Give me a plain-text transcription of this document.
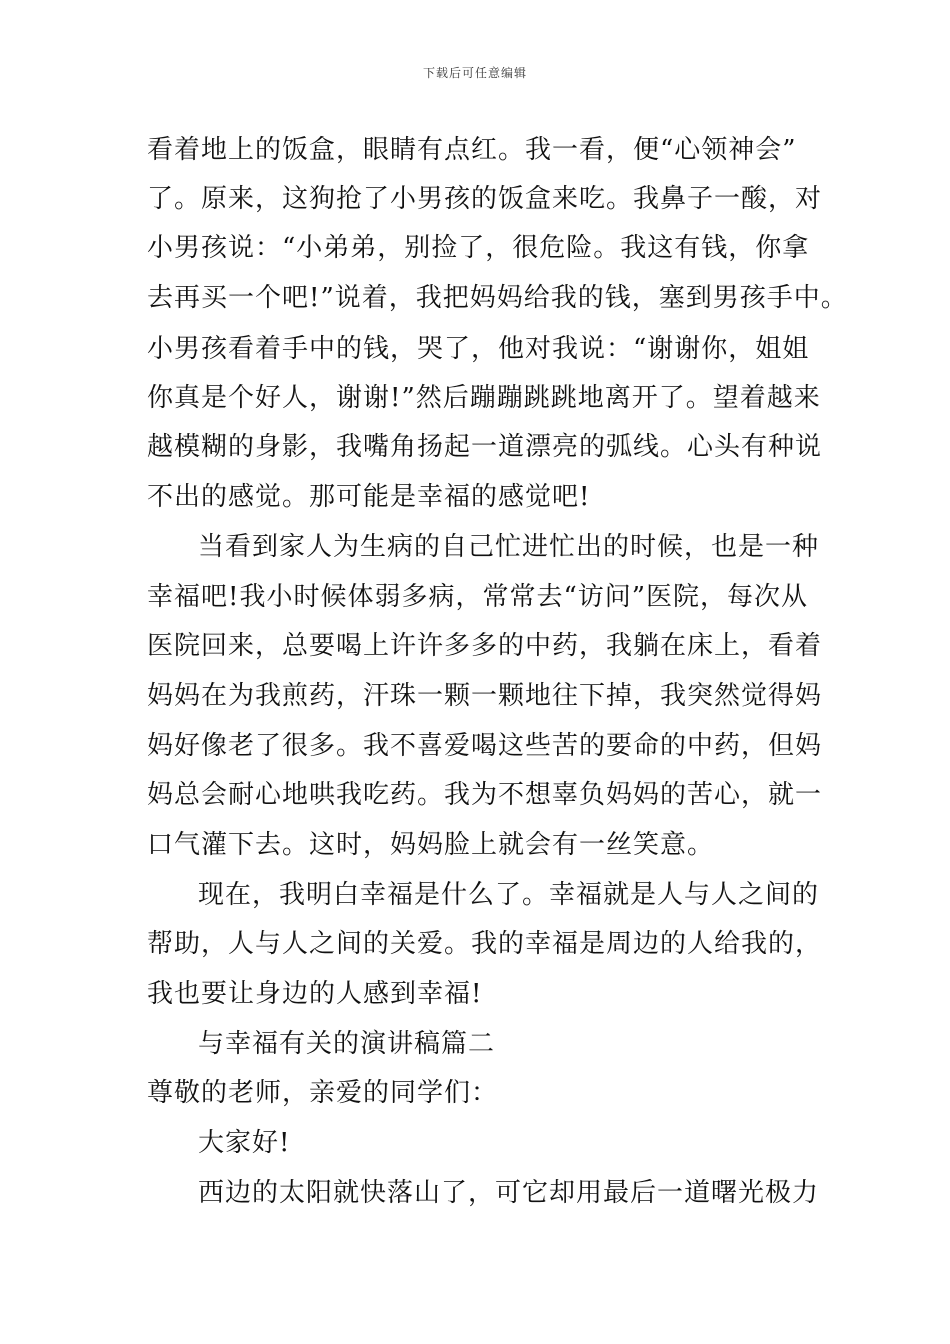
下载后可任意编辑
看着地上的饭盒，眼睛有点红。我一看，便“心领神会”
了。原来，这狗抢了小男孩的饭盒来吃。我鼻子一酸，对
小男孩说：“小弟弟，别捡了，很危险。我这有钱，你拿
去再买一个吧!”说着，我把妈妈给我的钱，塞到男孩手中。
小男孩看着手中的钱，哭了，他对我说：“谢谢你，姐姐
你真是个好人，谢谢!”然后蹦蹦跳跳地离开了。望着越来
越模糊的身影，我嘴角扬起一道漂亮的弧线。心头有种说
不出的感觉。那可能是幸福的感觉吧!
当看到家人为生病的自己忙进忙出的时候，也是一种
幸福吧!我小时候体弱多病，常常去“访问”医院，每次从
医院回来，总要喝上许许多多的中药，我躺在床上，看着
妈妈在为我煎药，汗珠一颗一颗地往下掉，我突然觉得妈
妈好像老了很多。我不喜爱喝这些苦的要命的中药，但妈
妈总会耐心地哄我吃药。我为不想辜负妈妈的苦心，就一
口气灌下去。这时，妈妈脸上就会有一丝笑意。
现在，我明白幸福是什么了。幸福就是人与人之间的
帮助，人与人之间的关爱。我的幸福是周边的人给我的，
我也要让身边的人感到幸福!
与幸福有关的演讲稿篇二
尊敬的老师，亲爱的同学们：
大家好!
西边的太阳就快落山了，可它却用最后一道曙光极力
